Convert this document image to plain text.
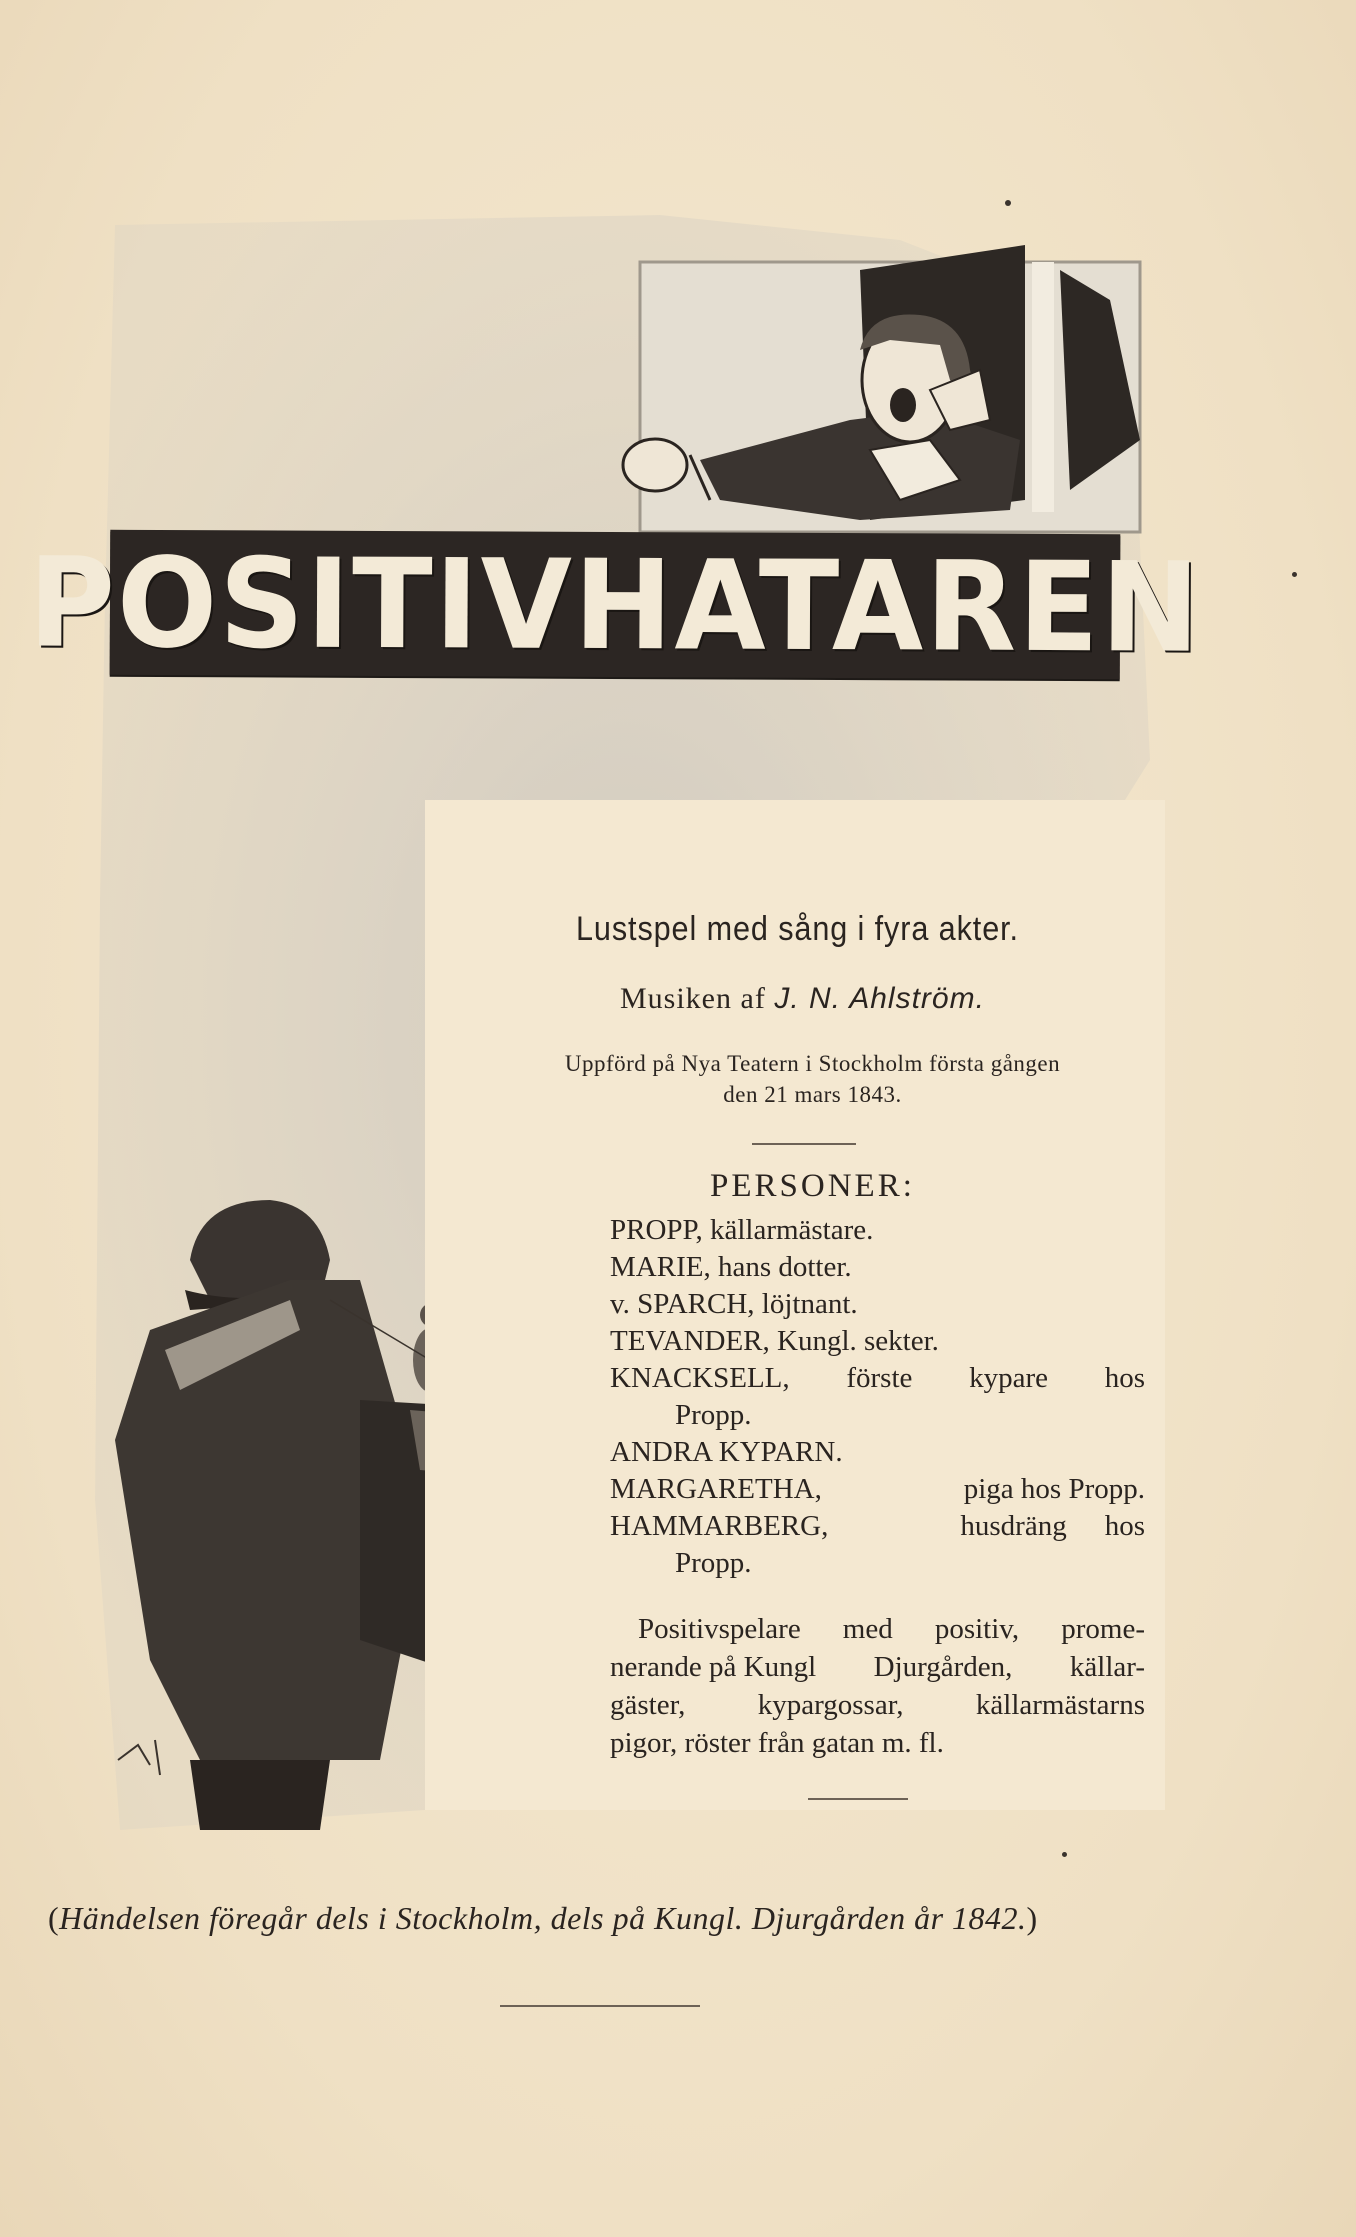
POSITIVHATAREN
Lustspel med sång i fyra akter.
Musiken af J. N. Ahlström.
Uppförd på Nya Teatern i Stockholm första gången
den 21 mars 1843.
PERSONER:
PROPP, källarmästare.
MARIE, hans dotter.
v. SPARCH, löjtnant.
TEVANDER, Kungl. sekter.
KNACKSELL, förste kypare hos
Propp.
ANDRA KYPARN.
MARGARETHA,	piga hos Propp.
HAMMARBERG,	husdräng hos
Propp.
Positivspelare med positiv, prome-
nerande på Kungl Djurgården, källar-
gäster, kypargossar, källarmästarns
pigor, röster från gatan m. fl.
(Händelsen föregår dels i Stockholm, dels på Kungl. Djurgården år 1842.)
